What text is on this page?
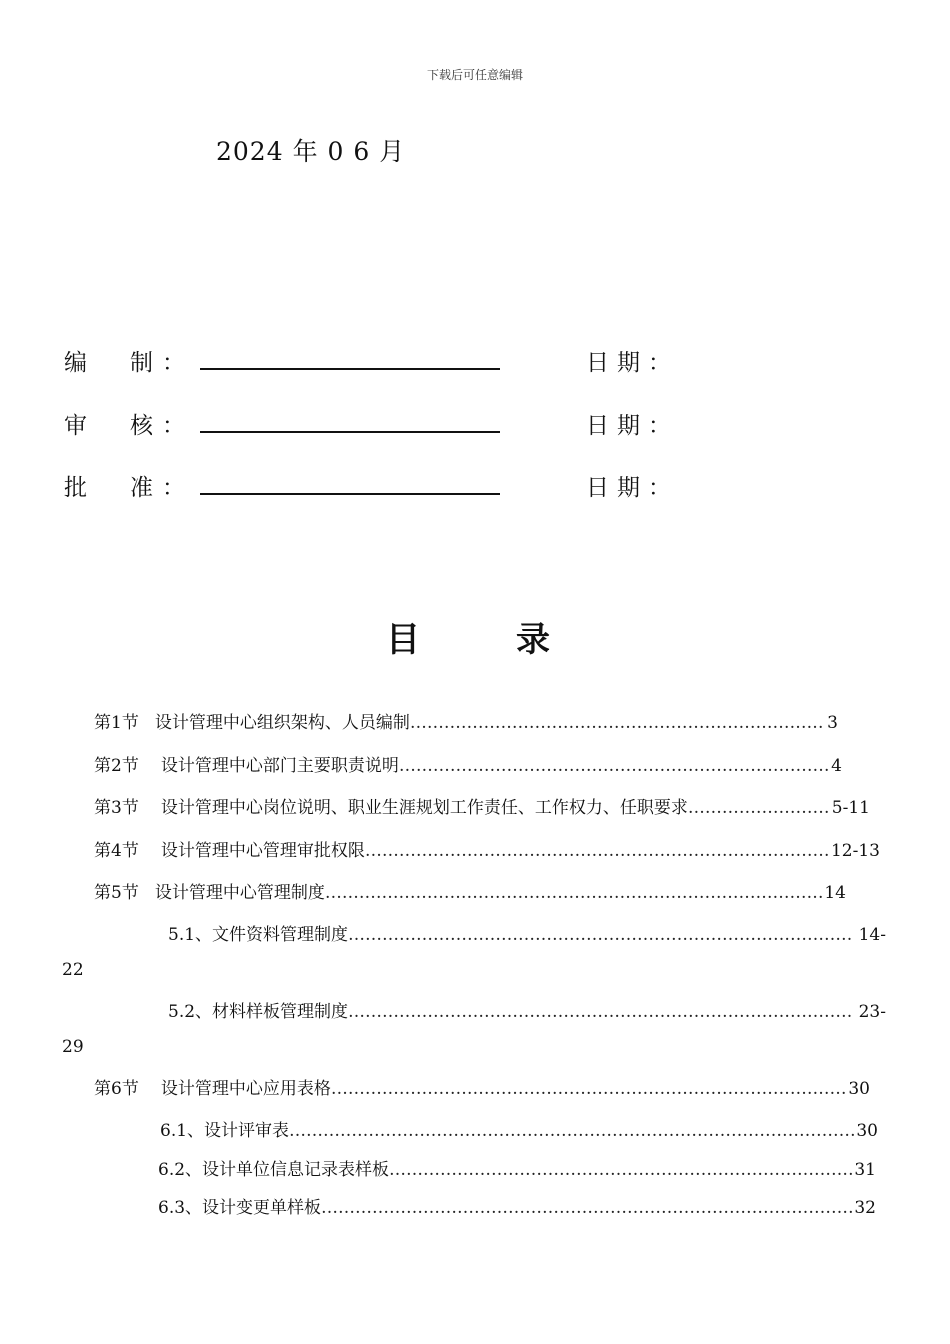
下载后可任意编辑
2024 年 0 6 月
编 制 ：	日期：
审 核 ：	日期：
批 准 ：	日期：
目	录
第1节 设计管理中心组织架构、人员编制 …………………………………………………………………………………………………………………………………………………………	3
第2节 设计管理中心部门主要职责说明 …………………………………………………………………………………………………………………………………………………………	4
第3节 设计管理中心岗位说明、职业生涯规划工作责任、工作权力、任职要求 …………………………………………………………………………………………………………………………………………………………	5-11
第4节 设计管理中心管理审批权限 …………………………………………………………………………………………………………………………………………………………	12-13
第5节 设计管理中心管理制度 …………………………………………………………………………………………………………………………………………………………	14
5.1、文件资料管理制度 …………………………………………………………………………………………………………………………………………………………	14-
22
5.2、材料样板管理制度 …………………………………………………………………………………………………………………………………………………………	23-
29
第6节 设计管理中心应用表格 …………………………………………………………………………………………………………………………………………………………	30
6.1、设计评审表 …………………………………………………………………………………………………………………………………………………………	30
6.2、设计单位信息记录表样板 …………………………………………………………………………………………………………………………………………………………	31
6.3、设计变更单样板 …………………………………………………………………………………………………………………………………………………………	32
